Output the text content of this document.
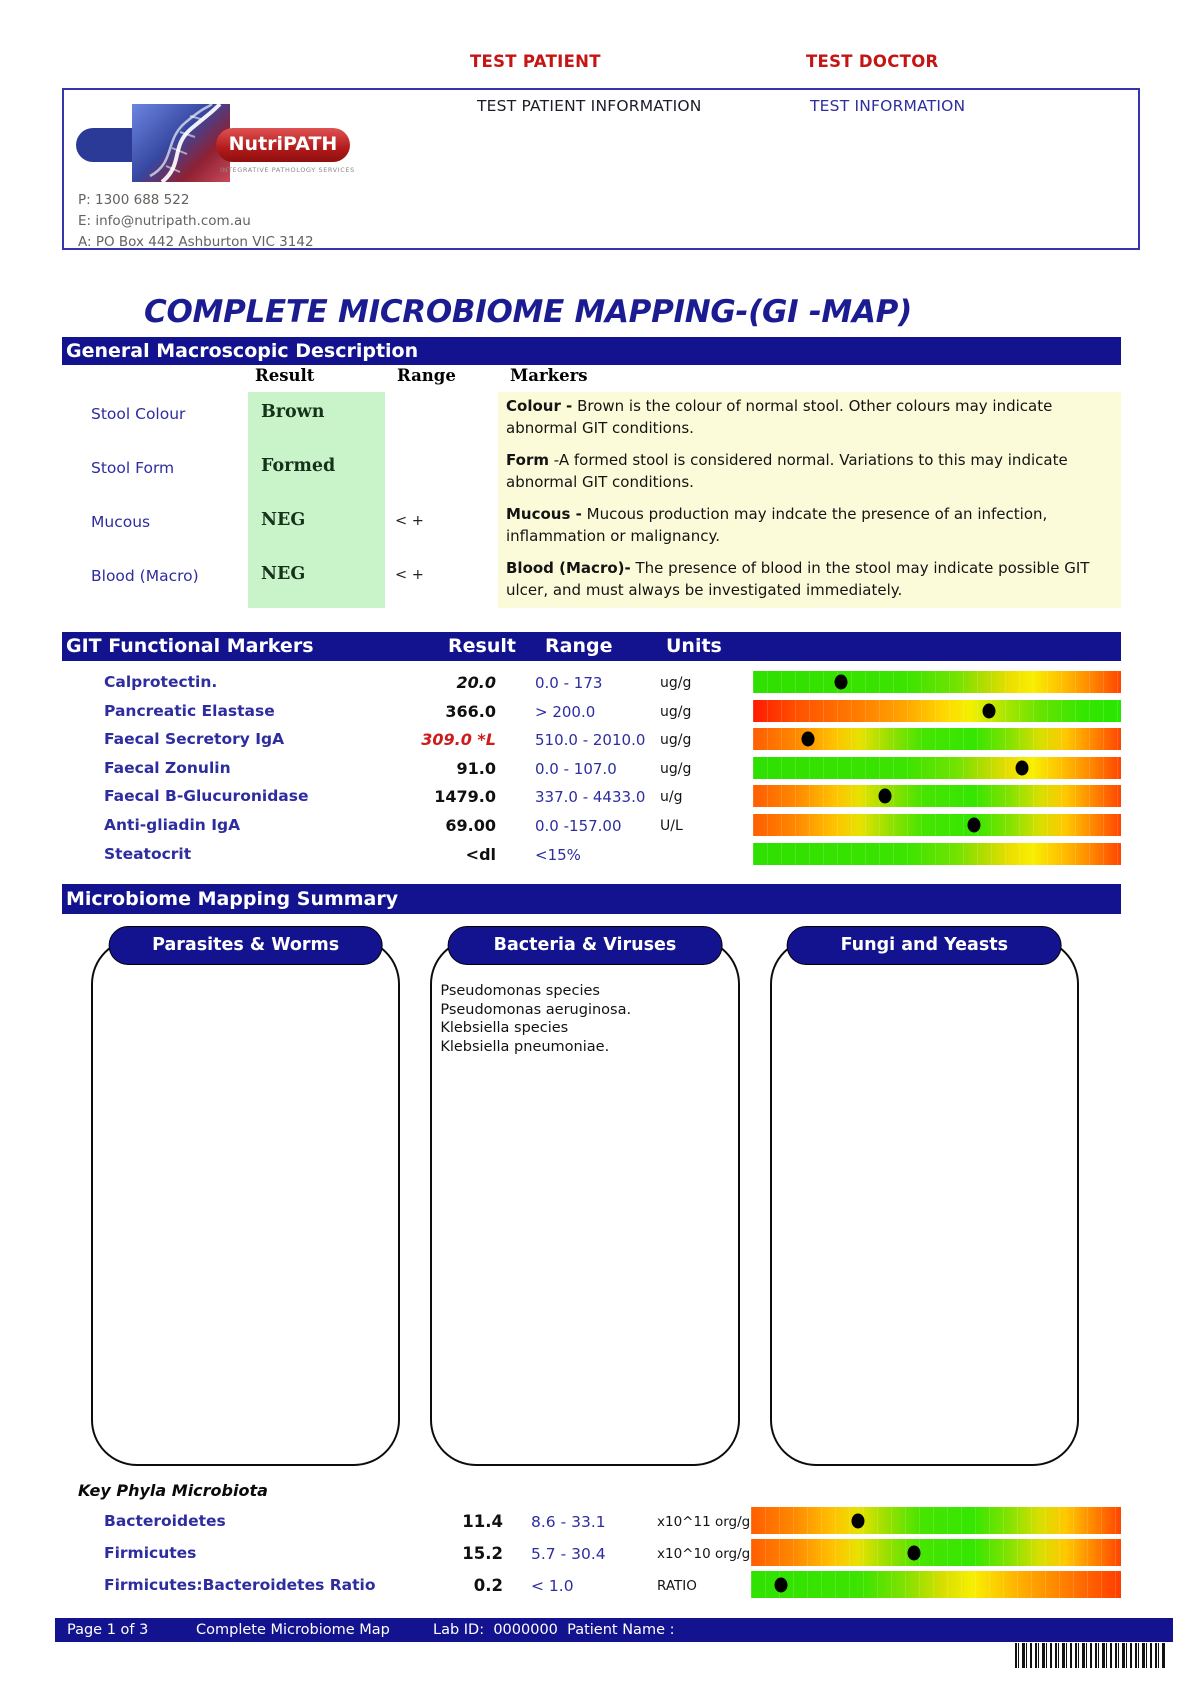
TEST PATIENT	TEST DOCTOR
TEST PATIENT INFORMATION	TEST INFORMATION
NutriPATH
INTEGRATIVE PATHOLOGY SERVICES
P: 1300 688 522
E: info@nutripath.com.au
A: PO Box 442 Ashburton VIC 3142
COMPLETE MICROBIOME MAPPING-(GI -MAP)
General Macroscopic Description
Result	Range	Markers
Stool Colour	Brown	Colour - Brown is the colour of normal stool. Other colours may indicate abnormal GIT conditions.
Stool Form	Formed	Form -A formed stool is considered normal. Variations to this may indicate abnormal GIT conditions.
Mucous	NEG	< +	Mucous - Mucous production may indcate the presence of an infection, inflammation or malignancy.
Blood (Macro)	NEG	< +	Blood (Macro)- The presence of blood in the stool may indicate possible GIT ulcer, and must always be investigated immediately.
GIT Functional Markers	Result Range	Units
Calprotectin.	20.0	0.0 - 173	ug/g
Pancreatic Elastase	366.0	> 200.0	ug/g
Faecal Secretory IgA	309.0 *L	510.0 - 2010.0 ug/g
Faecal Zonulin	91.0	0.0 - 107.0	ug/g
Faecal B-Glucuronidase	1479.0	337.0 - 4433.0 u/g
Anti-gliadin IgA	69.00	0.0 -157.00	U/L
Steatocrit	<dl	<15%
Microbiome Mapping Summary
Parasites & Worms	Bacteria & Viruses
Pseudomonas species
Pseudomonas aeruginosa.
Klebsiella species
Klebsiella pneumoniae.
Fungi and Yeasts
Key Phyla Microbiota
Bacteroidetes	11.4 8.6 - 33.1	x10^11 org/g
Firmicutes	15.2 5.7 - 30.4	x10^10 org/g
Firmicutes:Bacteroidetes Ratio	0.2 < 1.0	RATIO
Page 1 of 3	Complete Microbiome Map	Lab ID:  0000000  Patient Name :
